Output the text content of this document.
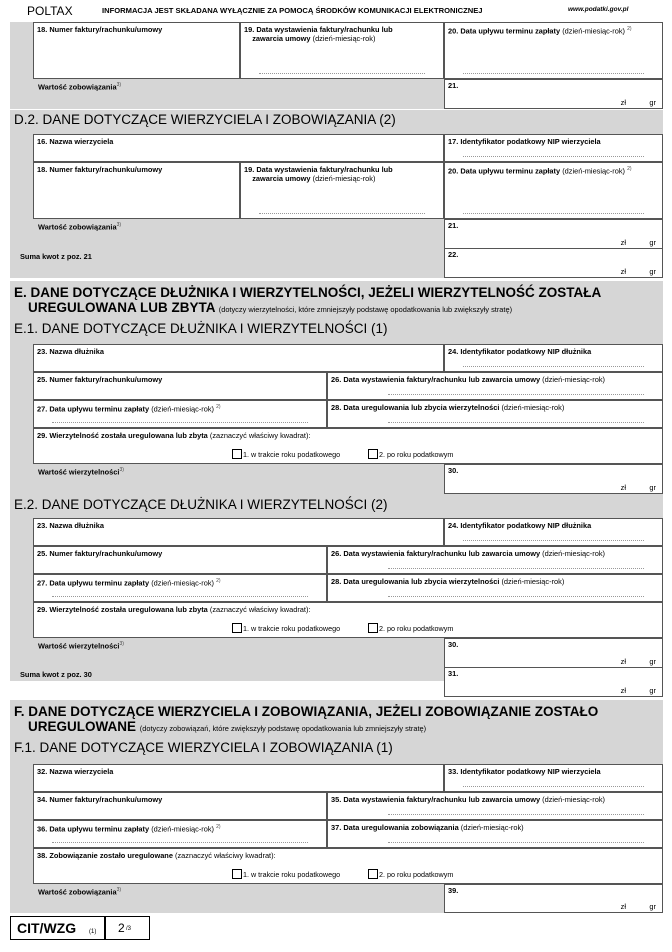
POLTAX	INFORMACJA JEST SKŁADANA WYŁĄCZNIE ZA POMOCĄ ŚRODKÓW KOMUNIKACJI ELEKTRONICZNEJ	www.podatki.gov.pl
18. Numer faktury/rachunku/umowy	19. Data wystawienia faktury/rachunku lub
zawarcia umowy (dzień-miesiąc-rok)
20. Data upływu terminu zapłaty (dzień-miesiąc-rok) $^{2)}$
Wartość zobowiązania$^{3)}$	21.
zł	gr
D.2. DANE DOTYCZĄCE WIERZYCIELA I ZOBOWIĄZANIA (2)
16. Nazwa wierzyciela	17. Identyfikator podatkowy NIP wierzyciela
18. Numer faktury/rachunku/umowy	19. Data wystawienia faktury/rachunku lub
zawarcia umowy (dzień-miesiąc-rok)
20. Data upływu terminu zapłaty (dzień-miesiąc-rok) $^{2)}$
Wartość zobowiązania$^{3)}$	21.
zł	gr
Suma kwot z poz. 21	22.
zł	gr
E. DANE DOTYCZĄCE DŁUŻNIKA I WIERZYTELNOŚCI, JEŻELI WIERZYTELNOŚĆ ZOSTAŁA
UREGULOWANA LUB ZBYTA (dotyczy wierzytelności, które zmniejszyły podstawę opodatkowania lub zwiększyły stratę)
E.1. DANE DOTYCZĄCE DŁUŻNIKA I WIERZYTELNOŚCI (1)
23. Nazwa dłużnika	24. Identyfikator podatkowy NIP dłużnika
25. Numer faktury/rachunku/umowy	26. Data wystawienia faktury/rachunku lub zawarcia umowy (dzień-miesiąc-rok)
27. Data upływu terminu zapłaty (dzień-miesiąc-rok) $^{2)}$	28. Data uregulowania lub zbycia wierzytelności (dzień-miesiąc-rok)
29. Wierzytelność została uregulowana lub zbyta (zaznaczyć właściwy kwadrat):
1. w trakcie roku podatkowego	2. po roku podatkowym
Wartość wierzytelności$^{3)}$	30.
zł	gr
E.2. DANE DOTYCZĄCE DŁUŻNIKA I WIERZYTELNOŚCI (2)
23. Nazwa dłużnika	24. Identyfikator podatkowy NIP dłużnika
25. Numer faktury/rachunku/umowy	26. Data wystawienia faktury/rachunku lub zawarcia umowy (dzień-miesiąc-rok)
27. Data upływu terminu zapłaty (dzień-miesiąc-rok) $^{2)}$	28. Data uregulowania lub zbycia wierzytelności (dzień-miesiąc-rok)
29. Wierzytelność została uregulowana lub zbyta (zaznaczyć właściwy kwadrat):
1. w trakcie roku podatkowego	2. po roku podatkowym
Wartość wierzytelności$^{3)}$	30.
zł	gr
Suma kwot z poz. 30	31.
zł	gr
F. DANE DOTYCZĄCE WIERZYCIELA I ZOBOWIĄZANIA, JEŻELI ZOBOWIĄZANIE ZOSTAŁO
UREGULOWANE (dotyczy zobowiązań, które zwiększyły podstawę opodatkowania lub zmniejszyły stratę)
F.1. DANE DOTYCZĄCE WIERZYCIELA I ZOBOWIĄZANIA (1)
32. Nazwa wierzyciela	33. Identyfikator podatkowy NIP wierzyciela
34. Numer faktury/rachunku/umowy	35. Data wystawienia faktury/rachunku lub zawarcia umowy (dzień-miesiąc-rok)
36. Data upływu terminu zapłaty (dzień-miesiąc-rok) $^{2)}$	37. Data uregulowania zobowiązania (dzień-miesiąc-rok)
38. Zobowiązanie zostało uregulowane (zaznaczyć właściwy kwadrat):
1. w trakcie roku podatkowego	2. po roku podatkowym
Wartość zobowiązania$^{3)}$	39.
zł	gr
CIT/WZG (1) 2 /3
